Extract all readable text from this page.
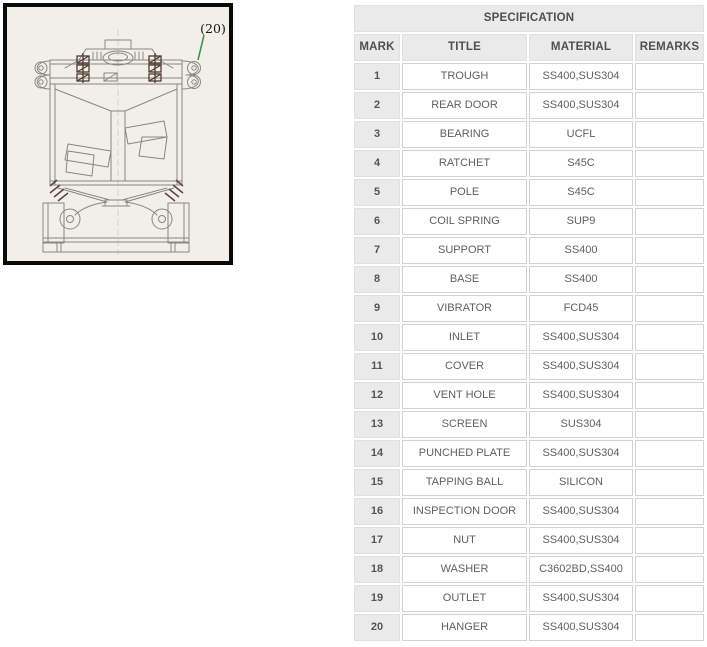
(20)
SPECIFICATION			
MARK	TITLE	MATERIAL	REMARKS
1	TROUGH	SS400,SUS304	
2	REAR DOOR	SS400,SUS304	
3	BEARING	UCFL	
4	RATCHET	S45C	
5	POLE	S45C	
6	COIL SPRING	SUP9	
7	SUPPORT	SS400	
8	BASE	SS400	
9	VIBRATOR	FCD45	
10	INLET	SS400,SUS304	
11	COVER	SS400,SUS304	
12	VENT HOLE	SS400,SUS304	
13	SCREEN	SUS304	
14	PUNCHED PLATE	SS400,SUS304	
15	TAPPING BALL	SILICON	
16	INSPECTION DOOR	SS400,SUS304	
17	NUT	SS400,SUS304	
18	WASHER	C3602BD,SS400	
19	OUTLET	SS400,SUS304	
20	HANGER	SS400,SUS304	
